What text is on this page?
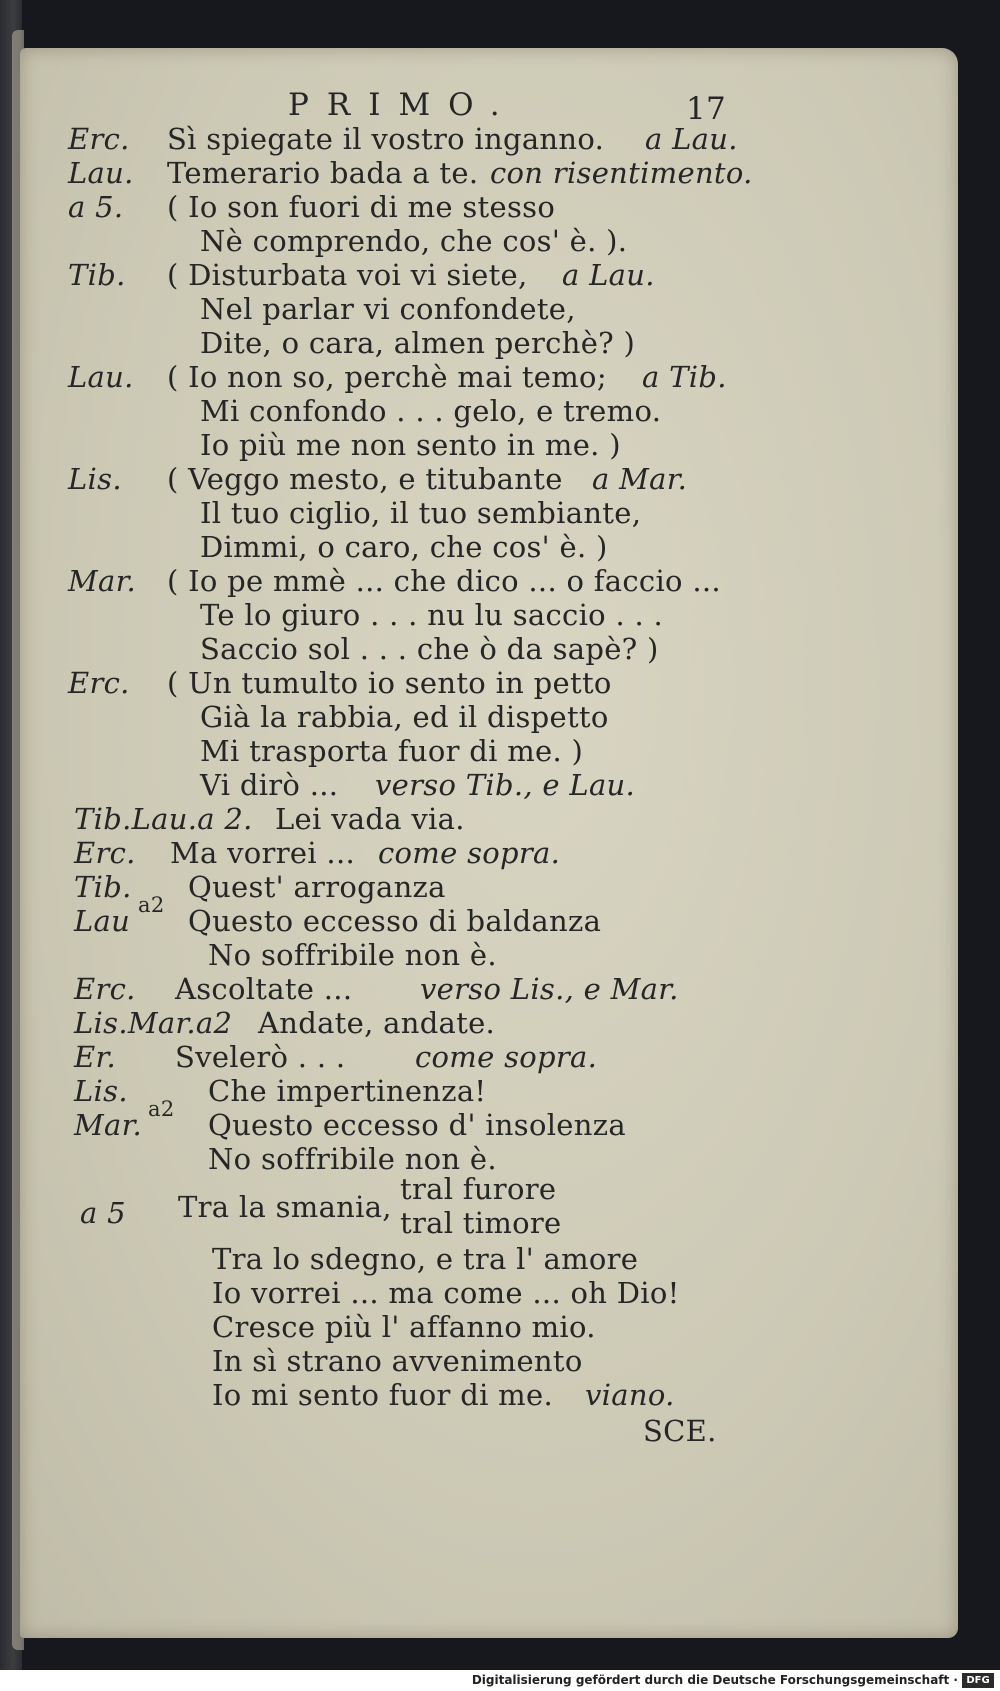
PRIMO.	17
Erc. Sì spiegate il vostro inganno. a Lau.
Lau. Temerario bada a te. con risentimento.
a 5. ( Io son fuori di me stesso
Nè comprendo, che cos' è. ).
Tib. ( Disturbata voi vi siete, a Lau.
Nel parlar vi confondete,
Dite, o cara, almen perchè? )
Lau. ( Io non so, perchè mai temo; a Tib.
Mi confondo . . . gelo, e tremo.
Io più me non sento in me. )
Lis. ( Veggo mesto, e titubante a Mar.
Il tuo ciglio, il tuo sembiante,
Dimmi, o caro, che cos' è. )
Mar. ( Io pe mmè ... che dico ... o faccio ...
Te lo giuro . . . nu lu saccio . . .
Saccio sol . . . che ò da sapè? )
Erc. ( Un tumulto io sento in petto
Già la rabbia, ed il dispetto
Mi trasporta fuor di me. )
Vi dirò ... verso Tib., e Lau.
Tib.Lau.a 2. Lei vada via.
Erc. Ma vorrei ... come sopra.
Tib. Quest' arroganza
a2
Lau Questo eccesso di baldanza
No soffribile non è.
Erc. Ascoltate ... verso Lis., e Mar.
Lis.Mar.a2 Andate, andate.
Er. Svelerò . . . come sopra.
Lis.	Che impertinenza!
a2
Mar. Questo eccesso d' insolenza
No soffribile non è.
a 5 Tra la smania,
tral furore
tral timore
Tra lo sdegno, e tra l' amore
Io vorrei ... ma come ... oh Dio!
Cresce più l' affanno mio.
In sì strano avvenimento
Io mi sento fuor di me. viano.
SCE.
Digitalisierung gefördert durch die Deutsche Forschungsgemeinschaft · DFG
